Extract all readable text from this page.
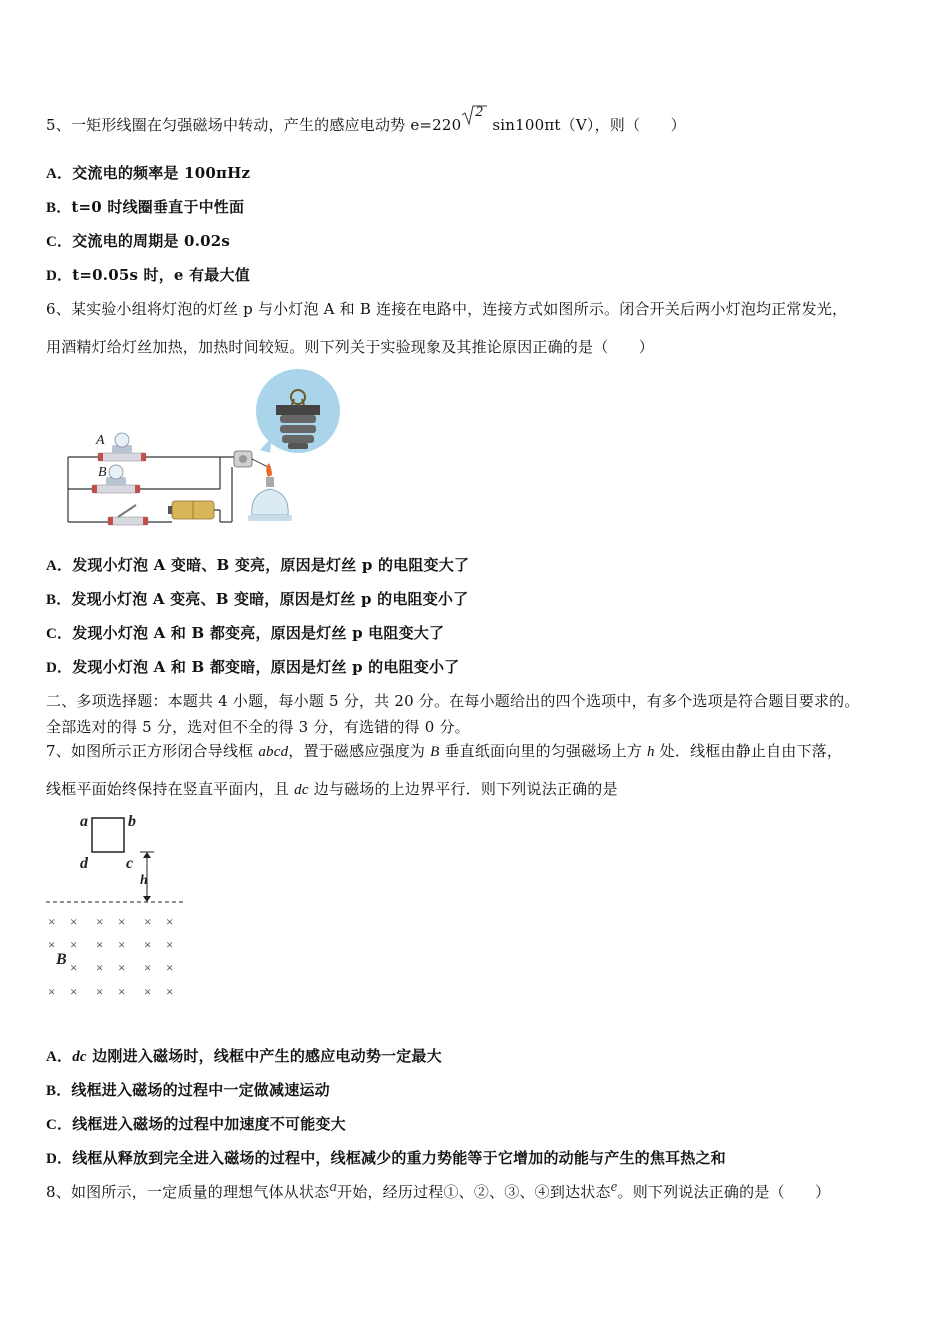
5、一矩形线圈在匀强磁场中转动，产生的感应电动势 e=220
2
sin100πt（V），则（　　）
A．交流电的频率是 100πHz
B．t=0 时线圈垂直于中性面
C．交流电的周期是 0.02s
D．t=0.05s 时，e 有最大值
6、某实验小组将灯泡的灯丝 p 与小灯泡 A 和 B 连接在电路中，连接方式如图所示。闭合开关后两小灯泡均正常发光，
用酒精灯给灯丝加热，加热时间较短。则下列关于实验现象及其推论原因正确的是（　　）
A
B
A．发现小灯泡 A 变暗、B 变亮，原因是灯丝 p 的电阻变大了
B．发现小灯泡 A 变亮、B 变暗，原因是灯丝 p 的电阻变小了
C．发现小灯泡 A 和 B 都变亮，原因是灯丝 p 电阻变大了
D．发现小灯泡 A 和 B 都变暗，原因是灯丝 p 的电阻变小了
二、多项选择题：本题共 4 小题，每小题 5 分，共 20 分。在每小题给出的四个选项中，有多个选项是符合题目要求的。
全部选对的得 5 分，选对但不全的得 3 分，有选错的得 0 分。
7、如图所示正方形闭合导线框 abcd，置于磁感应强度为 B 垂直纸面向里的匀强磁场上方 h 处．线框由静止自由下落，
线框平面始终保持在竖直平面内，且 dc 边与磁场的上边界平行．则下列说法正确的是
a	b
d c
h
× × × × × ×
× × × × × ×
× × × × ×
× × × × × ×
B
A．dc 边刚进入磁场时，线框中产生的感应电动势一定最大
B．线框进入磁场的过程中一定做减速运动
C．线框进入磁场的过程中加速度不可能变大
D．线框从释放到完全进入磁场的过程中，线框减少的重力势能等于它增加的动能与产生的焦耳热之和
8、如图所示，一定质量的理想气体从状态a开始，经历过程①、②、③、④到达状态e。则下列说法正确的是（　　）
